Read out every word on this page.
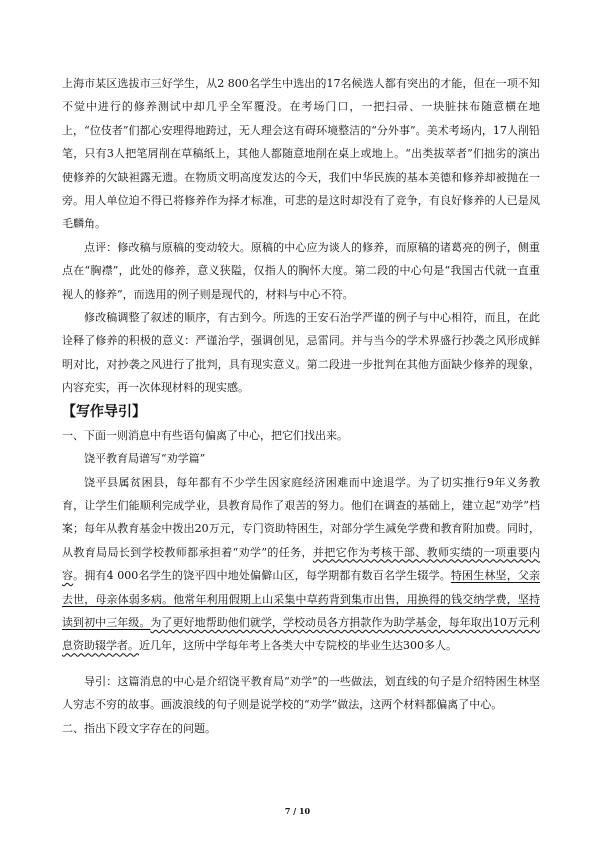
上海市某区选拔市三好学生，从2 800名学生中选出的17名候选人都有突出的才能，但在一项不知不觉中进行的修养测试中却几乎全军覆没。在考场门口，一把扫帚、一块脏抹布随意横在地上，“位伎者”们都心安理得地跨过，无人理会这有碍环境整洁的“分外事”。美术考场内，17人削铅笔，只有3人把笔屑削在草稿纸上，其他人都随意地削在桌上或地上。“出类拔萃者”们拙劣的演出使修养的欠缺袒露无遗。在物质文明高度发达的今天，我们中华民族的基本美德和修养却被抛在一旁。用人单位迫不得已将修养作为择才标准，可悲的是这时却没有了竞争，有良好修养的人已是凤毛麟角。

点评：修改稿与原稿的变动较大。原稿的中心应为谈人的修养，而原稿的诸葛亮的例子，侧重点在“胸襟”，此处的修养，意义狭隘，仅指人的胸怀大度。第二段的中心句是“我国古代就一直重视人的修养”，而选用的例子则是现代的，材料与中心不符。

修改稿调整了叙述的顺序，有古到今。所选的王安石治学严谨的例子与中心相符，而且，在此诠释了修养的积极的意义：严谨治学，强调创见，忌雷同。并与当今的学术界盛行抄袭之风形成鲜明对比，对抄袭之风进行了批判，具有现实意义。第二段进一步批判在其他方面缺少修养的现象，内容充实，再一次体现材料的现实感。

【写作导引】

一、下面一则消息中有些语句偏离了中心，把它们找出来。

饶平教育局谱写“劝学篇”

饶平县属贫困县，每年都有不少学生因家庭经济困难而中途退学。为了切实推行9年义务教育，让学生们能顺利完成学业，县教育局作了艰苦的努力。他们在调查的基础上，建立起“劝学”档案；每年从教育基金中拨出20万元，专门资助特困生，对部分学生减免学费和教育附加费。同时，从教育局局长到学校教师都承担着“劝学”的任务，并把它作为考核干部、教师实绩的一项重要内容。拥有4 000名学生的饶平四中地处偏僻山区，每学期都有数百名学生辍学。特困生林坚，父亲去世，母亲体弱多病。他常年利用假期上山采集中草药背到集市出售，用换得的钱交纳学费，坚持读到初中三年级。为了更好地帮助他们就学，学校动员各方捐款作为助学基金，每年取出10万元利息资助辍学者。近几年，这所中学每年考上各类大中专院校的毕业生达300多人。

导引：这篇消息的中心是介绍饶平教育局“劝学”的一些做法，划直线的句子是介绍特困生林坚人穷志不穷的故事。画波浪线的句子则是说学校的“劝学”做法，这两个材料都偏离了中心。

二、指出下段文字存在的问题。

7 / 10
